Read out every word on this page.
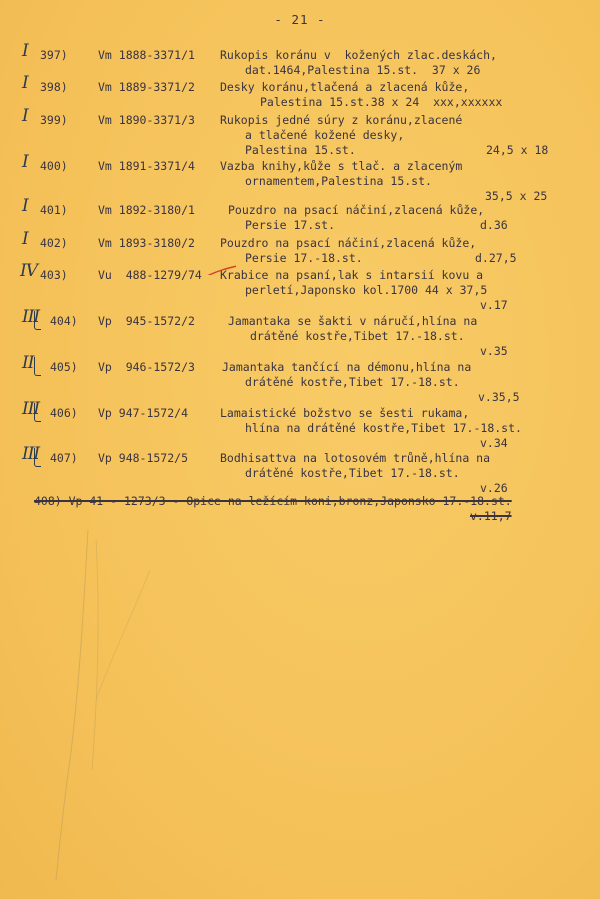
- 21 -
I 397)	Vm 1888-3371/1 Rukopis koránu v  kožených zlac.deskách,
dat.1464,Palestina 15.st.  37 x 26
I 398)	Vm 1889-3371/2 Desky koránu,tlačená a zlacená kůže,
Palestina 15.st.38 x 24  xxx,xxxxxx
I 399)	Vm 1890-3371/3 Rukopis jedné súry z koránu,zlacené
a tlačené kožené desky,
Palestina 15.st.	24,5 x 18
I 400)	Vm 1891-3371/4 Vazba knihy,kůže s tlač. a zlaceným
ornamentem,Palestina 15.st.
35,5 x 25
I 401)	Vm 1892-3180/1	Pouzdro na psací náčiní,zlacená kůže,
Persie 17.st.	d.36
I 402)	Vm 1893-3180/2 Pouzdro na psací náčiní,zlacená kůže,
Persie 17.-18.st.	d.27,5
IV 403)	Vu  488-1279/74 Krabice na psaní,lak s intarsií kovu a
perletí,Japonsko kol.1700 44 x 37,5
v.17
III 404) Vp  945-1572/2	Jamantaka se šakti v náručí,hlína na
drátěné kostře,Tibet 17.-18.st.
v.35
II 405) Vp  946-1572/3 Jamantaka tančící na démonu,hlína na
drátěné kostře,Tibet 17.-18.st.
v.35,5
III 406) Vp 947-1572/4	Lamaistické božstvo se šesti rukama,
hlína na drátěné kostře,Tibet 17.-18.st.
v.34
III 407) Vp 948-1572/5	Bodhisattva na lotosovém trůně,hlína na
drátěné kostře,Tibet 17.-18.st.
v.26
408) Vp 41 - 1273/3 - Opice na ležícím koni,bronz,Japonsko 17.-18.st.
v.11,7
